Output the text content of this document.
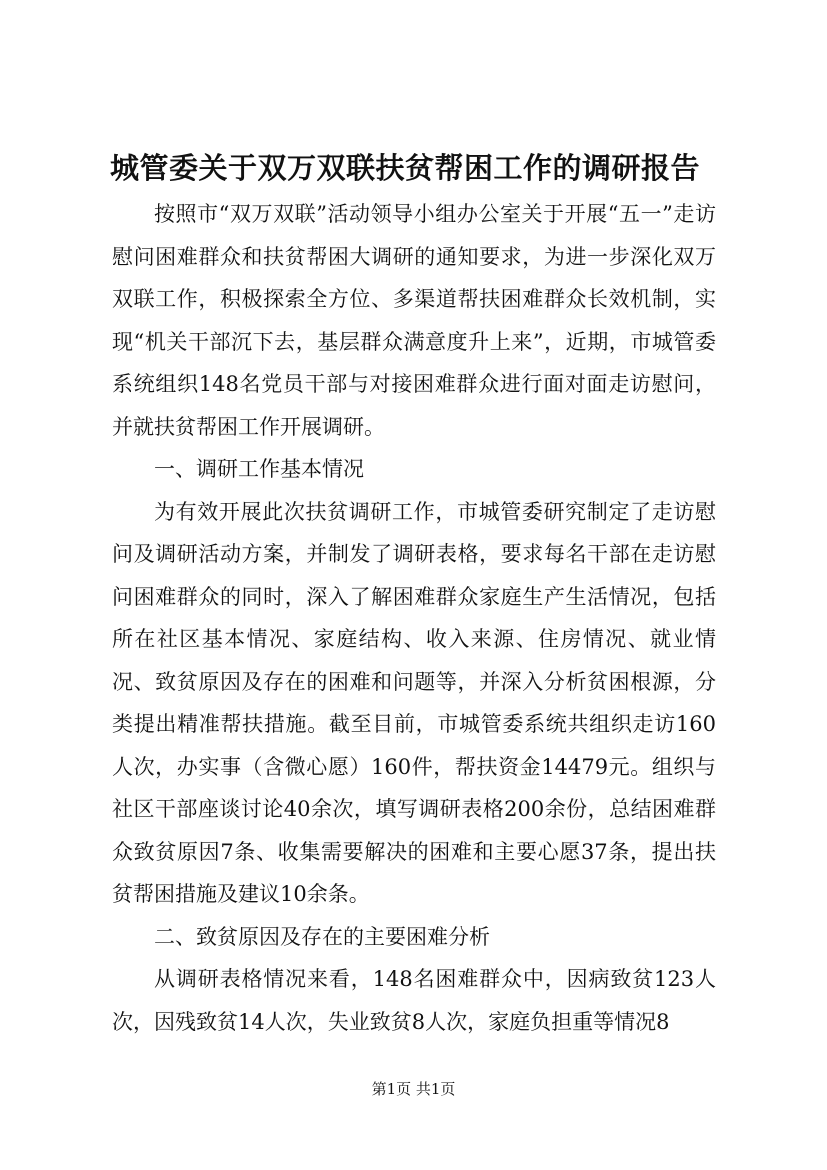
城管委关于双万双联扶贫帮困工作的调研报告

按照市“双万双联”活动领导小组办公室关于开展“五一”走访慰问困难群众和扶贫帮困大调研的通知要求，为进一步深化双万双联工作，积极探索全方位、多渠道帮扶困难群众长效机制，实现“机关干部沉下去，基层群众满意度升上来”，近期，市城管委系统组织148名党员干部与对接困难群众进行面对面走访慰问，并就扶贫帮困工作开展调研。

一、调研工作基本情况

为有效开展此次扶贫调研工作，市城管委研究制定了走访慰问及调研活动方案，并制发了调研表格，要求每名干部在走访慰问困难群众的同时，深入了解困难群众家庭生产生活情况，包括所在社区基本情况、家庭结构、收入来源、住房情况、就业情况、致贫原因及存在的困难和问题等，并深入分析贫困根源，分类提出精准帮扶措施。截至目前，市城管委系统共组织走访160人次，办实事（含微心愿）160件，帮扶资金14479元。组织与社区干部座谈讨论40余次，填写调研表格200余份，总结困难群众致贫原因7条、收集需要解决的困难和主要心愿37条，提出扶贫帮困措施及建议10余条。

二、致贫原因及存在的主要困难分析

从调研表格情况来看，148名困难群众中，因病致贫123人次，因残致贫14人次，失业致贫8人次，家庭负担重等情况8

第1页 共1页
